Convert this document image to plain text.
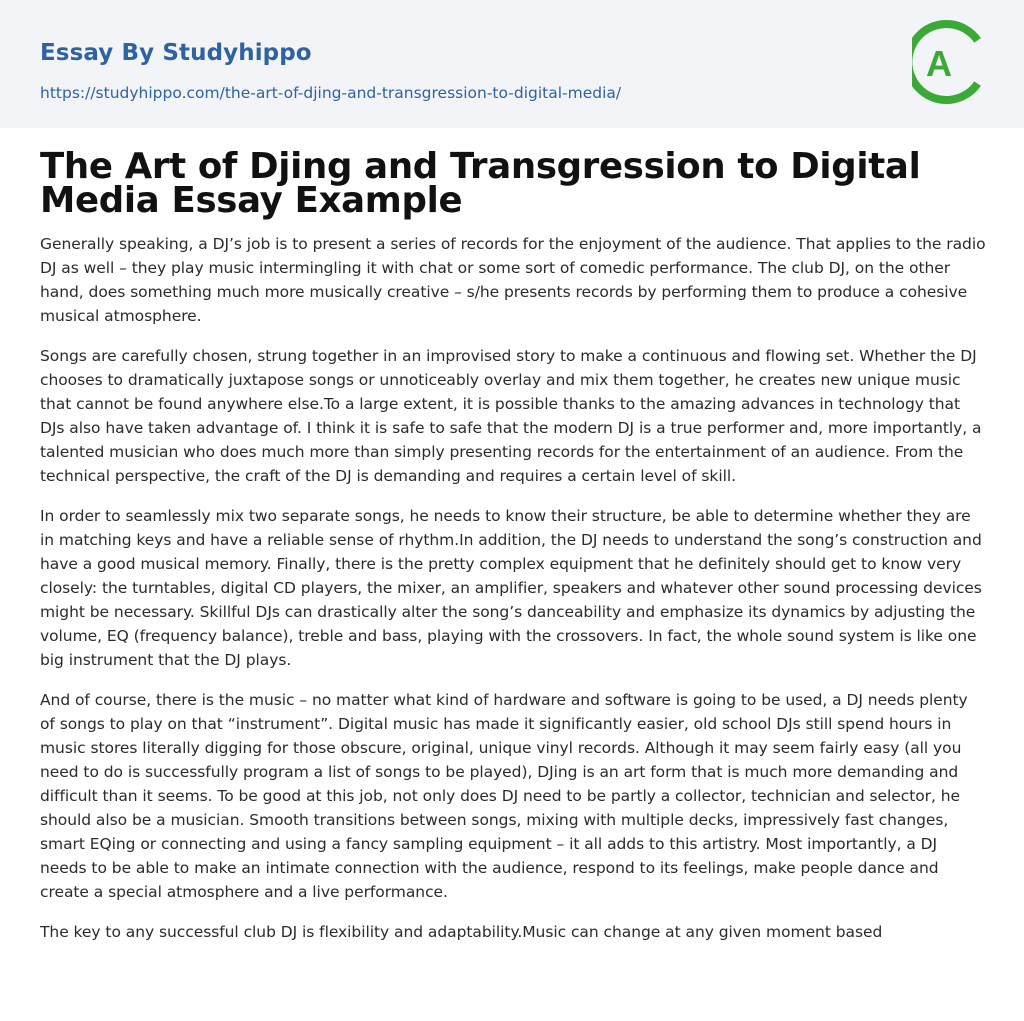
Essay By Studyhippo
https://studyhippo.com/the-art-of-djing-and-transgression-to-digital-media/
A
The Art of Djing and Transgression to Digital Media Essay Example

Generally speaking, a DJ’s job is to present a series of records for the enjoyment of the audience. That applies to the radio DJ as well – they play music intermingling it with chat or some sort of comedic performance. The club DJ, on the other hand, does something much more musically creative – s/he presents records by performing them to produce a cohesive musical atmosphere.

Songs are carefully chosen, strung together in an improvised story to make a continuous and flowing set. Whether the DJ chooses to dramatically juxtapose songs or unnoticeably overlay and mix them together, he creates new unique music that cannot be found anywhere else.To a large extent, it is possible thanks to the amazing advances in technology that DJs also have taken advantage of. I think it is safe to safe that the modern DJ is a true performer and, more importantly, a talented musician who does much more than simply presenting records for the entertainment of an audience. From the technical perspective, the craft of the DJ is demanding and requires a certain level of skill.

In order to seamlessly mix two separate songs, he needs to know their structure, be able to determine whether they are in matching keys and have a reliable sense of rhythm.In addition, the DJ needs to understand the song’s construction and have a good musical memory. Finally, there is the pretty complex equipment that he definitely should get to know very closely: the turntables, digital CD players, the mixer, an amplifier, speakers and whatever other sound processing devices might be necessary. Skillful DJs can drastically alter the song’s danceability and emphasize its dynamics by adjusting the volume, EQ (frequency balance), treble and bass, playing with the crossovers. In fact, the whole sound system is like one big instrument that the DJ plays.

And of course, there is the music – no matter what kind of hardware and software is going to be used, a DJ needs plenty of songs to play on that “instrument”. Digital music has made it significantly easier, old school DJs still spend hours in music stores literally digging for those obscure, original, unique vinyl records. Although it may seem fairly easy (all you need to do is successfully program a list of songs to be played), DJing is an art form that is much more demanding and difficult than it seems. To be good at this job, not only does DJ need to be partly a collector, technician and selector, he should also be a musician. Smooth transitions between songs, mixing with multiple decks, impressively fast changes, smart EQing or connecting and using a fancy sampling equipment – it all adds to this artistry. Most importantly, a DJ needs to be able to make an intimate connection with the audience, respond to its feelings, make people dance and create a special atmosphere and a live performance.

The key to any successful club DJ is flexibility and adaptability.Music can change at any given moment based
